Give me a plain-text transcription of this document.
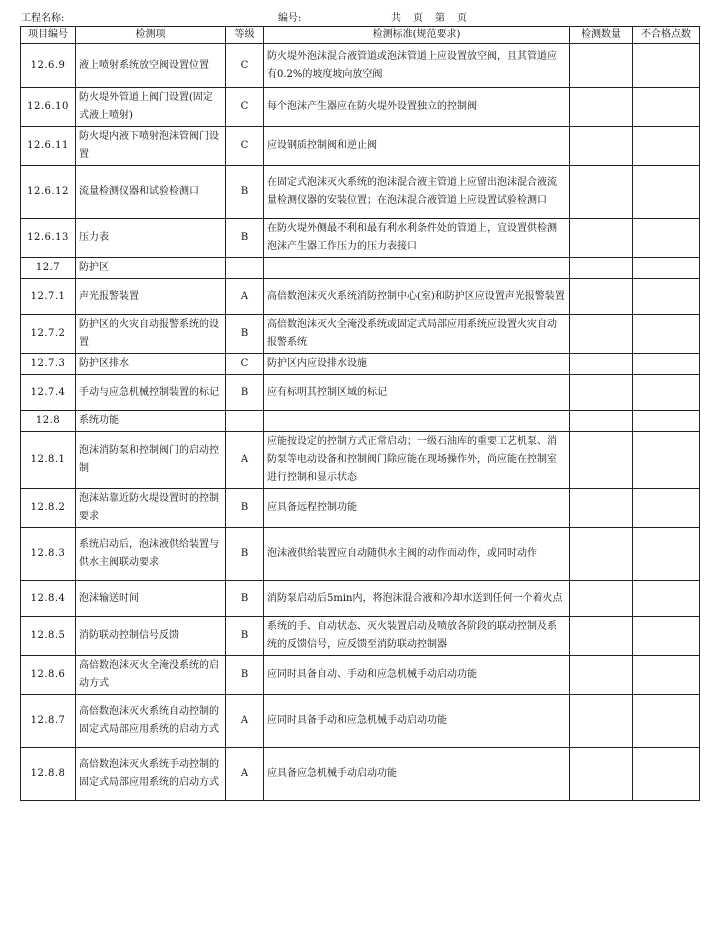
工程名称:	编号:	共　页　第　页
项目编号	检测项	等级	检测标准(规范要求)	检测数量	不合格点数
12.6.9	液上喷射系统放空阀设置位置	C	防火堤外泡沫混合液管道或泡沫管道上应设置放空阀，且其管道应有0.2%的坡度坡向放空阀		
12.6.10	防火堤外管道上阀门设置(固定式液上喷射)	C	每个泡沫产生器应在防火堤外设置独立的控制阀		
12.6.11	防火堤内液下喷射泡沫管阀门设置	C	应设钢质控制阀和逆止阀		
12.6.12	流量检测仪器和试验检测口	B	在固定式泡沫灭火系统的泡沫混合液主管道上应留出泡沫混合液流量检测仪器的安装位置；在泡沫混合液管道上应设置试验检测口		
12.6.13	压力表	B	在防火堤外侧最不利和最有利水利条件处的管道上，宜设置供检测泡沫产生器工作压力的压力表接口		
12.7	防护区				
12.7.1	声光报警装置	A	高倍数泡沫灭火系统消防控制中心(室)和防护区应设置声光报警装置		
12.7.2	防护区的火灾自动报警系统的设置	B	高倍数泡沫灭火全淹没系统或固定式局部应用系统应设置火灾自动报警系统		
12.7.3	防护区排水	C	防护区内应设排水设施		
12.7.4	手动与应急机械控制装置的标记	B	应有标明其控制区域的标记		
12.8	系统功能				
12.8.1	泡沫消防泵和控制阀门的启动控制	A	应能按设定的控制方式正常启动；一级石油库的重要工艺机泵、消防泵等电动设备和控制阀门除应能在现场操作外，尚应能在控制室进行控制和显示状态		
12.8.2	泡沫站靠近防火堤设置时的控制要求	B	应具备远程控制功能		
12.8.3	系统启动后，泡沫液供给装置与供水主阀联动要求	B	泡沫液供给装置应自动随供水主阀的动作而动作，或同时动作		
12.8.4	泡沫输送时间	B	消防泵启动后5min内，将泡沫混合液和冷却水送到任何一个着火点		
12.8.5	消防联动控制信号反馈	B	系统的手、自动状态、灭火装置启动及喷放各阶段的联动控制及系统的反馈信号，应反馈至消防联动控制器		
12.8.6	高倍数泡沫灭火全淹没系统的启动方式	B	应同时具备自动、手动和应急机械手动启动功能		
12.8.7	高倍数泡沫灭火系统自动控制的固定式局部应用系统的启动方式	A	应同时具备手动和应急机械手动启动功能		
12.8.8	高倍数泡沫灭火系统手动控制的固定式局部应用系统的启动方式	A	应具备应急机械手动启动功能		
